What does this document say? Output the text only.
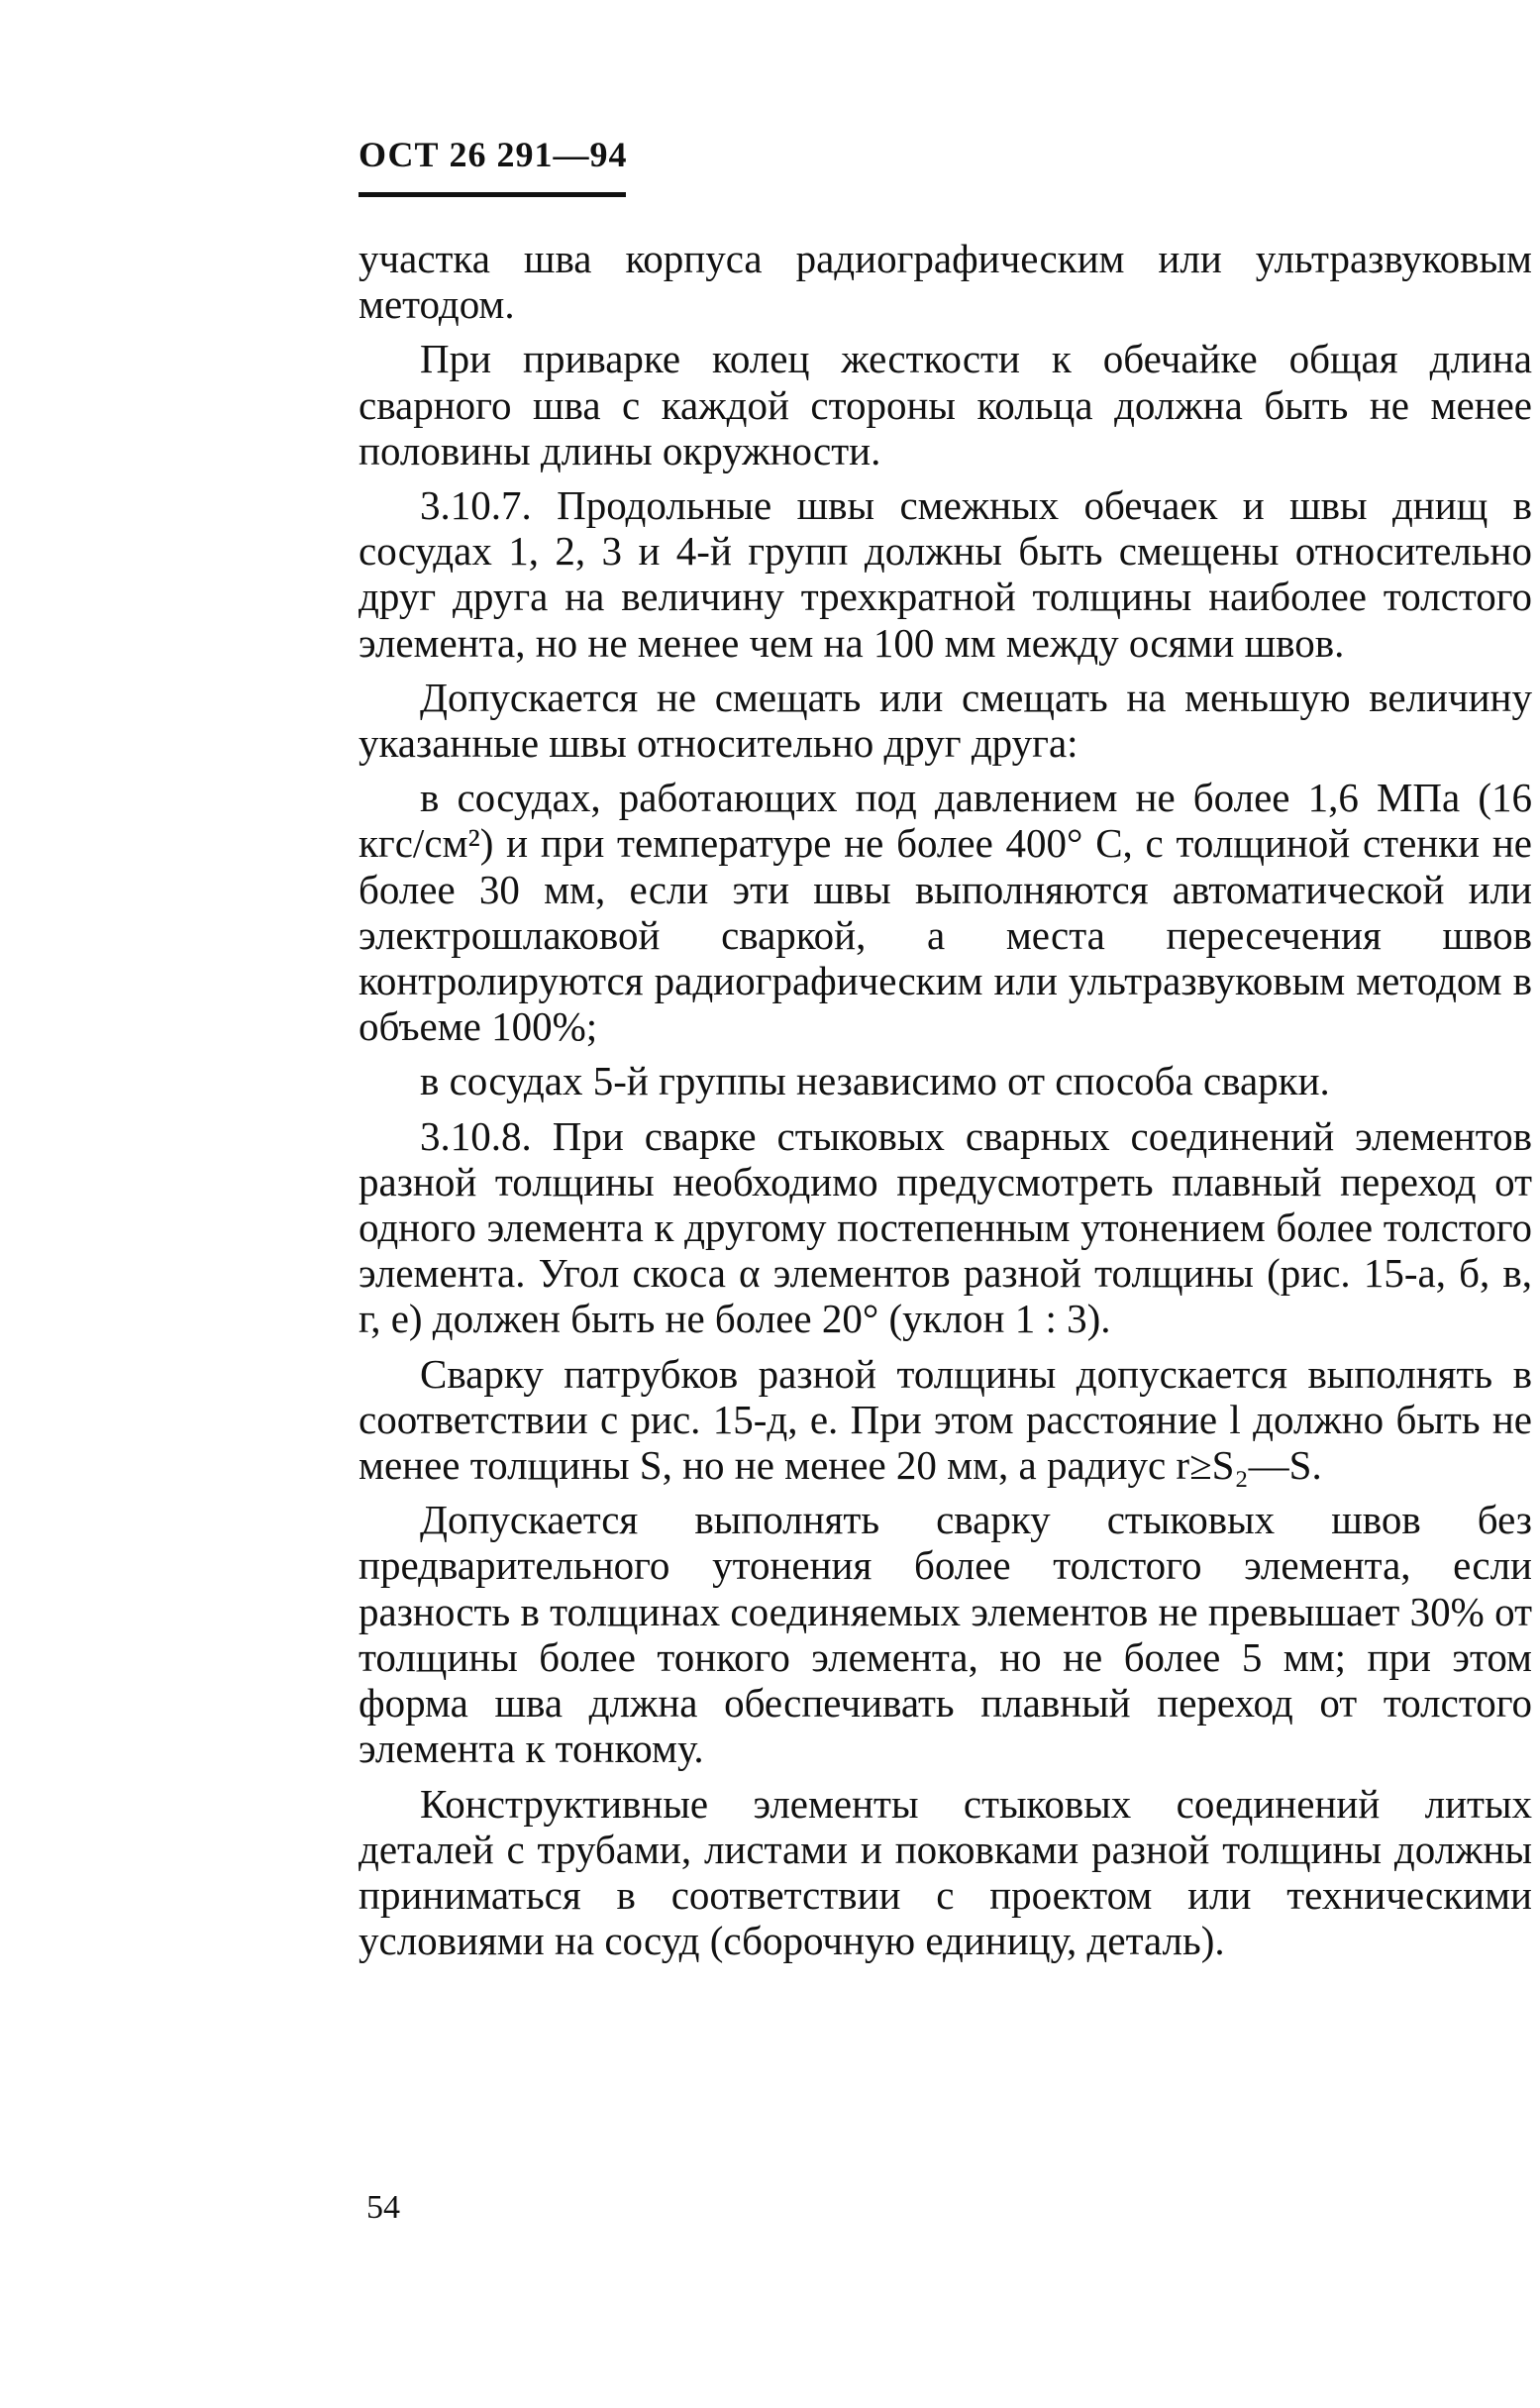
ОСТ 26 291—94

участка шва корпуса радиографическим или ультразвуковым методом.

При приварке колец жесткости к обечайке общая длина сварного шва с каждой стороны кольца должна быть не менее половины длины окружности.

3.10.7. Продольные швы смежных обечаек и швы днищ в сосудах 1, 2, 3 и 4-й групп должны быть смещены относительно друг друга на величину трехкратной толщины наиболее толстого элемента, но не менее чем на 100 мм между осями швов.

Допускается не смещать или смещать на меньшую величину указанные швы относительно друг друга:

в сосудах, работающих под давлением не более 1,6 МПа (16 кгс/см²) и при температуре не более 400° С, с толщиной стенки не более 30 мм, если эти швы выполняются автоматической или электрошлаковой сваркой, а места пересечения швов контролируются радиографическим или ультразвуковым методом в объеме 100%;

в сосудах 5-й группы независимо от способа сварки.

3.10.8. При сварке стыковых сварных соединений элементов разной толщины необходимо предусмотреть плавный переход от одного элемента к другому постепенным утонением более толстого элемента. Угол скоса α элементов разной толщины (рис. 15-а, б, в, г, е) должен быть не более 20° (уклон 1 : 3).

Сварку патрубков разной толщины допускается выполнять в соответствии с рис. 15-д, е. При этом расстояние l должно быть не менее толщины S, но не менее 20 мм, а радиус r≥S₂—S.

Допускается выполнять сварку стыковых швов без предварительного утонения более толстого элемента, если разность в толщинах соединяемых элементов не превышает 30% от толщины более тонкого элемента, но не более 5 мм; при этом форма шва длжна обеспечивать плавный переход от толстого элемента к тонкому.

Конструктивные элементы стыковых соединений литых деталей с трубами, листами и поковками разной толщины должны приниматься в соответствии с проектом или техническими условиями на сосуд (сборочную единицу, деталь).

54
